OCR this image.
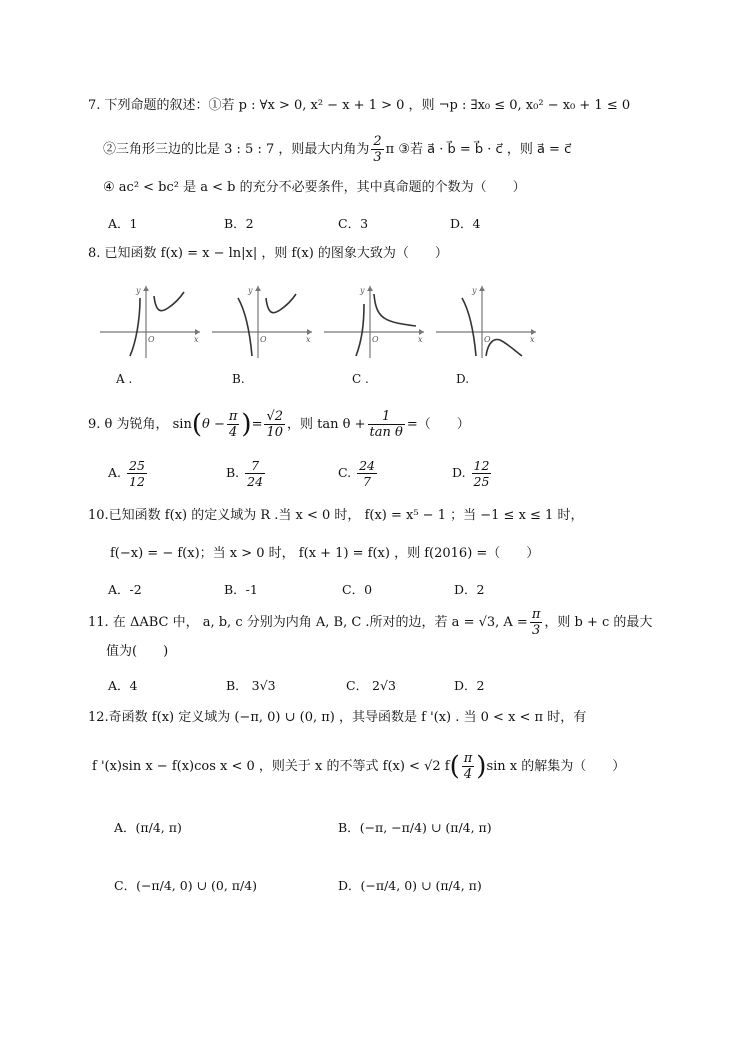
7. 下列命题的叙述：①若 p : ∀x > 0, x² − x + 1 > 0 ，则 ¬p : ∃x₀ ≤ 0, x₀² − x₀ + 1 ≤ 0
②三角形三边的比是 3 : 5 : 7 ，则最大内角为 $\frac{2}{3}$ π ③若 a⃗ · b⃗ = b⃗ · c⃗ ，则 a⃗ = c⃗
④ ac² < bc² 是 a < b 的充分不必要条件，其中真命题的个数为（　　）
A．1	B．2	C．3	D．4
8. 已知函数 f(x) = x − ln|x| ，则 f(x) 的图象大致为（　　）
y
O	x
y
O	x
y
O	x
y
O	x
A .	B.	C .	D.
9. θ 为锐角， $\sin(\theta - \frac{\pi}{4}$ )= $\frac{√2}{10}$ ，则 $\tan \theta + \frac{1}{\text{tan θ}}$ =（　　）
A. $\frac{25}{12}$	B. $\frac{7}{24}$	C. $\frac{24}{7}$	D. $\frac{12}{25}$
10.已知函数 f(x) 的定义域为 R .当 x < 0 时， f(x) = x⁵ − 1 ；当 −1 ≤ x ≤ 1 时，
f(−x) = − f(x)；当 x > 0 时， f(x + 1) = f(x) ，则 f(2016) =（　　）
A．-2	B．-1	C．0	D．2
11. 在 ΔABC 中， a, b, c 分别为内角 A, B, C .所对的边，若 a = √3, $A = \frac{\pi}{3}$ ，则 b + c 的最大
值为(　　)
A．4	B． 3√3	C． 2√3	D．2
12.奇函数 f(x) 定义域为 (−π, 0) ∪ (0, π) ，其导函数是 f '(x) . 当 0 < x < π 时，有
f '(x)sin x − f(x)cos x < 0 ，则关于 x 的不等式 f(x) < √2 $f( \frac{\pi}{4} )\sin$ x 的解集为（　　）
A．(π/4, π)	B．(−π, −π/4) ∪ (π/4, π)
C．(−π/4, 0) ∪ (0, π/4)	D．(−π/4, 0) ∪ (π/4, π)
